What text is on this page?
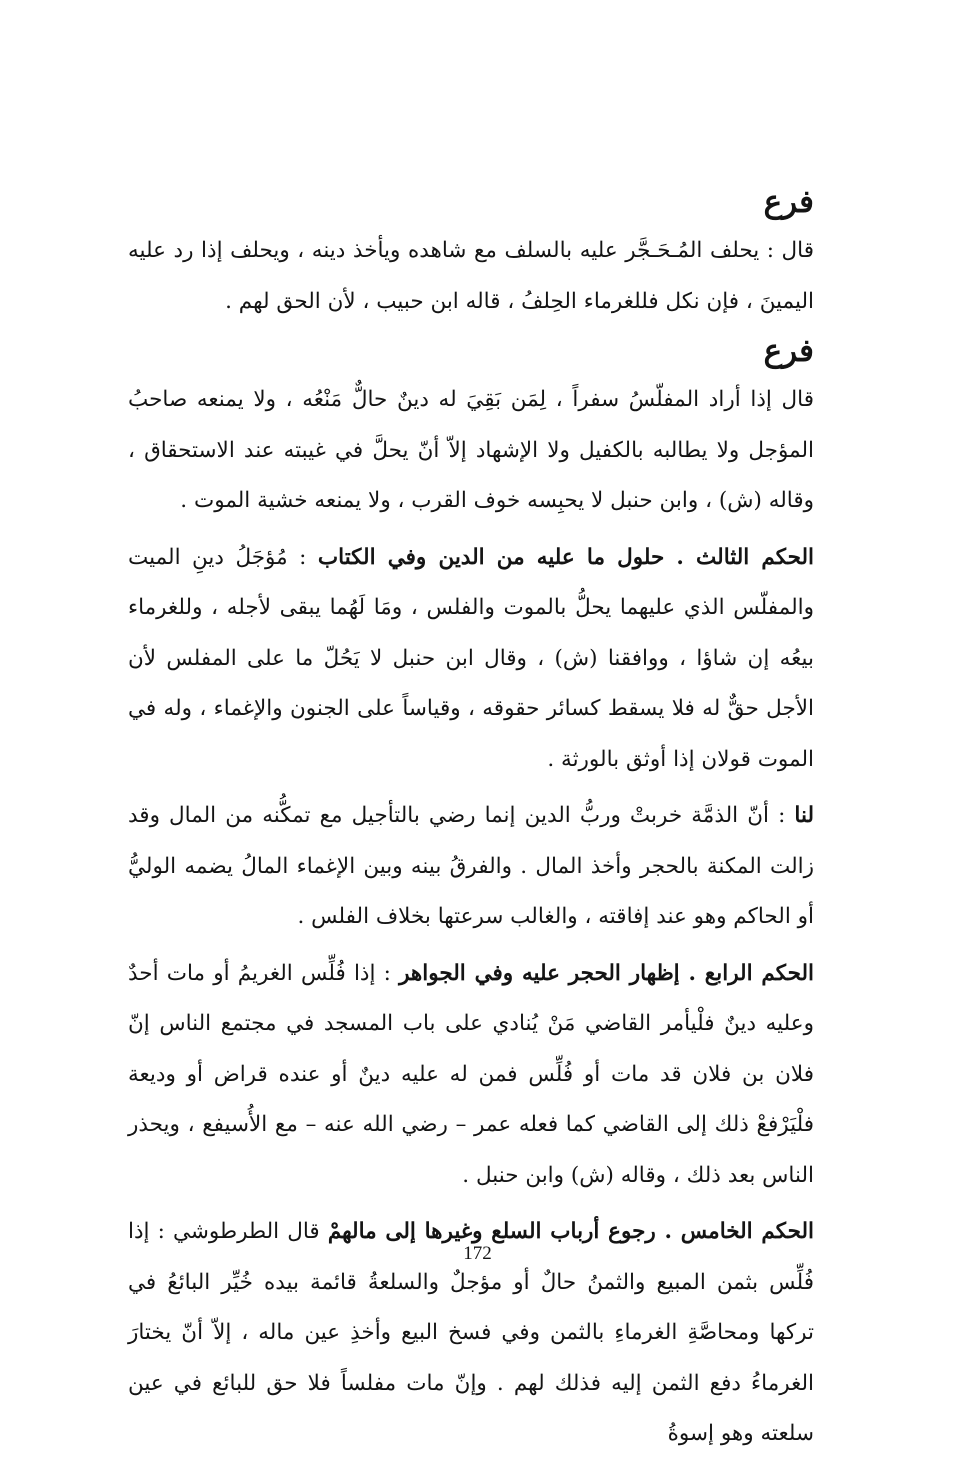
فرع

قال : يحلف المُـحَـجَّر عليه بالسلف مع شاهده ويأخذ دينه ، ويحلف إذا رد عليه اليمينَ ، فإن نكل فللغرماء الحِلفُ ، قاله ابن حبيب ، لأن الحق لهم .

فرع

قال إذا أراد المفلّسُ سفراً ، لِمَن بَقِيَ له دينٌ حالٌّ مَنْعُه ، ولا يمنعه صاحبُ المؤجل ولا يطالبه بالكفيل ولا الإشهاد إلاّ أنّ يحلَّ في غيبته عند الاستحقاق ، وقاله (ش) ، وابن حنبل لا يحبِسه خوف القرب ، ولا يمنعه خشية الموت .

الحكم الثالث . حلول ما عليه من الدين وفي الكتاب : مُؤجَلُ دينِ الميت والمفلّس الذي عليهما يحلُّ بالموت والفلس ، ومَا لَهُما يبقى لأجله ، وللغرماء بيعُه إن شاؤا ، ووافقنا (ش) ، وقال ابن حنبل لا يَحُلّ ما على المفلس لأن الأجل حقٌّ له فلا يسقط كسائر حقوقه ، وقياساً على الجنون والإغماء ، وله في الموت قولان إذا أوثق بالورثة .

لنا : أنّ الذمَّة خربتْ وربُّ الدين إنما رضي بالتأجيل مع تمكُّنه من المال وقد زالت المكنة بالحجر وأخذ المال . والفرقُ بينه وبين الإغماء المالُ يضمه الوليُّ أو الحاكم وهو عند إفاقته ، والغالب سرعتها بخلاف الفلس .

الحكم الرابع . إظهار الحجر عليه وفي الجواهر : إذا فُلِّس الغريمُ أو مات أحدٌ وعليه دينٌ فلْيأمر القاضي مَنْ يُنادي على باب المسجد في مجتمع الناس إنّ فلان بن فلان قد مات أو فُلِّس فمن له عليه دينٌ أو عنده قراض أو وديعة فلْيَرْفعْ ذلك إلى القاضي كما فعله عمر – رضي الله عنه – مع الأُسيفع ، ويحذر الناس بعد ذلك ، وقاله (ش) وابن حنبل .

الحكم الخامس . رجوع أرباب السلع وغيرها إلى مالهمْ قال الطرطوشي : إذا فُلِّس بثمن المبيع والثمنُ حالٌ أو مؤجلٌ والسلعةُ قائمة بيده خُيِّر البائعُ في تركها ومحاصَّةِ الغرماءِ بالثمن وفي فسخ البيع وأخذِ عين ماله ، إلاّ أنّ يختارَ الغرماءُ دفع الثمن إليه فذلك لهم . وإنّ مات مفلساً فلا حق للبائع في عين سلعته وهو إسوةُ

172
